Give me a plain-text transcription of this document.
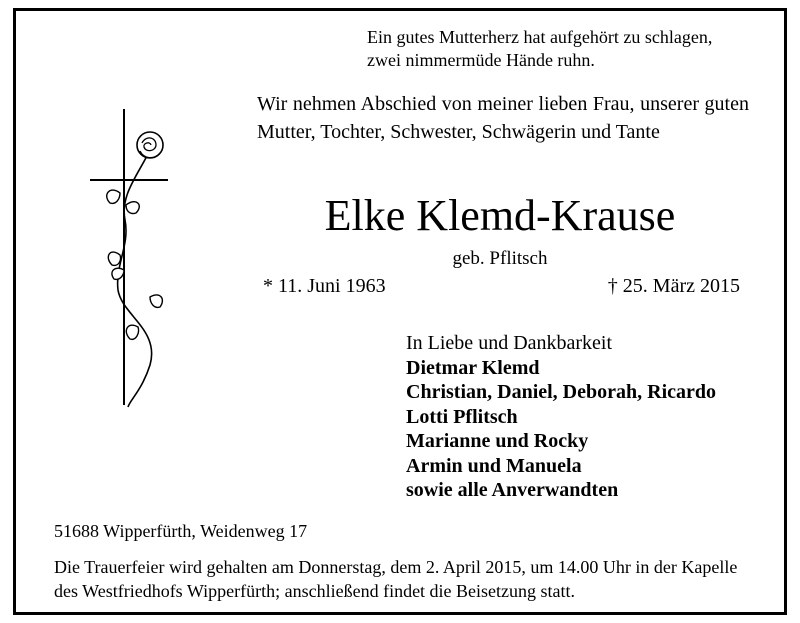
Ein gutes Mutterherz hat aufgehört zu schlagen,
zwei nimmermüde Hände ruhn.
Wir nehmen Abschied von meiner lieben Frau, unserer guten Mutter, Tochter, Schwester, Schwägerin und Tante
Elke Klemd-Krause
geb. Pflitsch
* 11. Juni 1963	† 25. März 2015
In Liebe und Dankbarkeit
Dietmar Klemd
Christian, Daniel, Deborah, Ricardo
Lotti Pflitsch
Marianne und Rocky
Armin und Manuela
sowie alle Anverwandten
51688 Wipperfürth, Weidenweg 17
Die Trauerfeier wird gehalten am Donnerstag, dem 2. April 2015, um 14.00 Uhr in der Kapelle des Westfriedhofs Wipperfürth; anschließend findet die Beisetzung statt.
